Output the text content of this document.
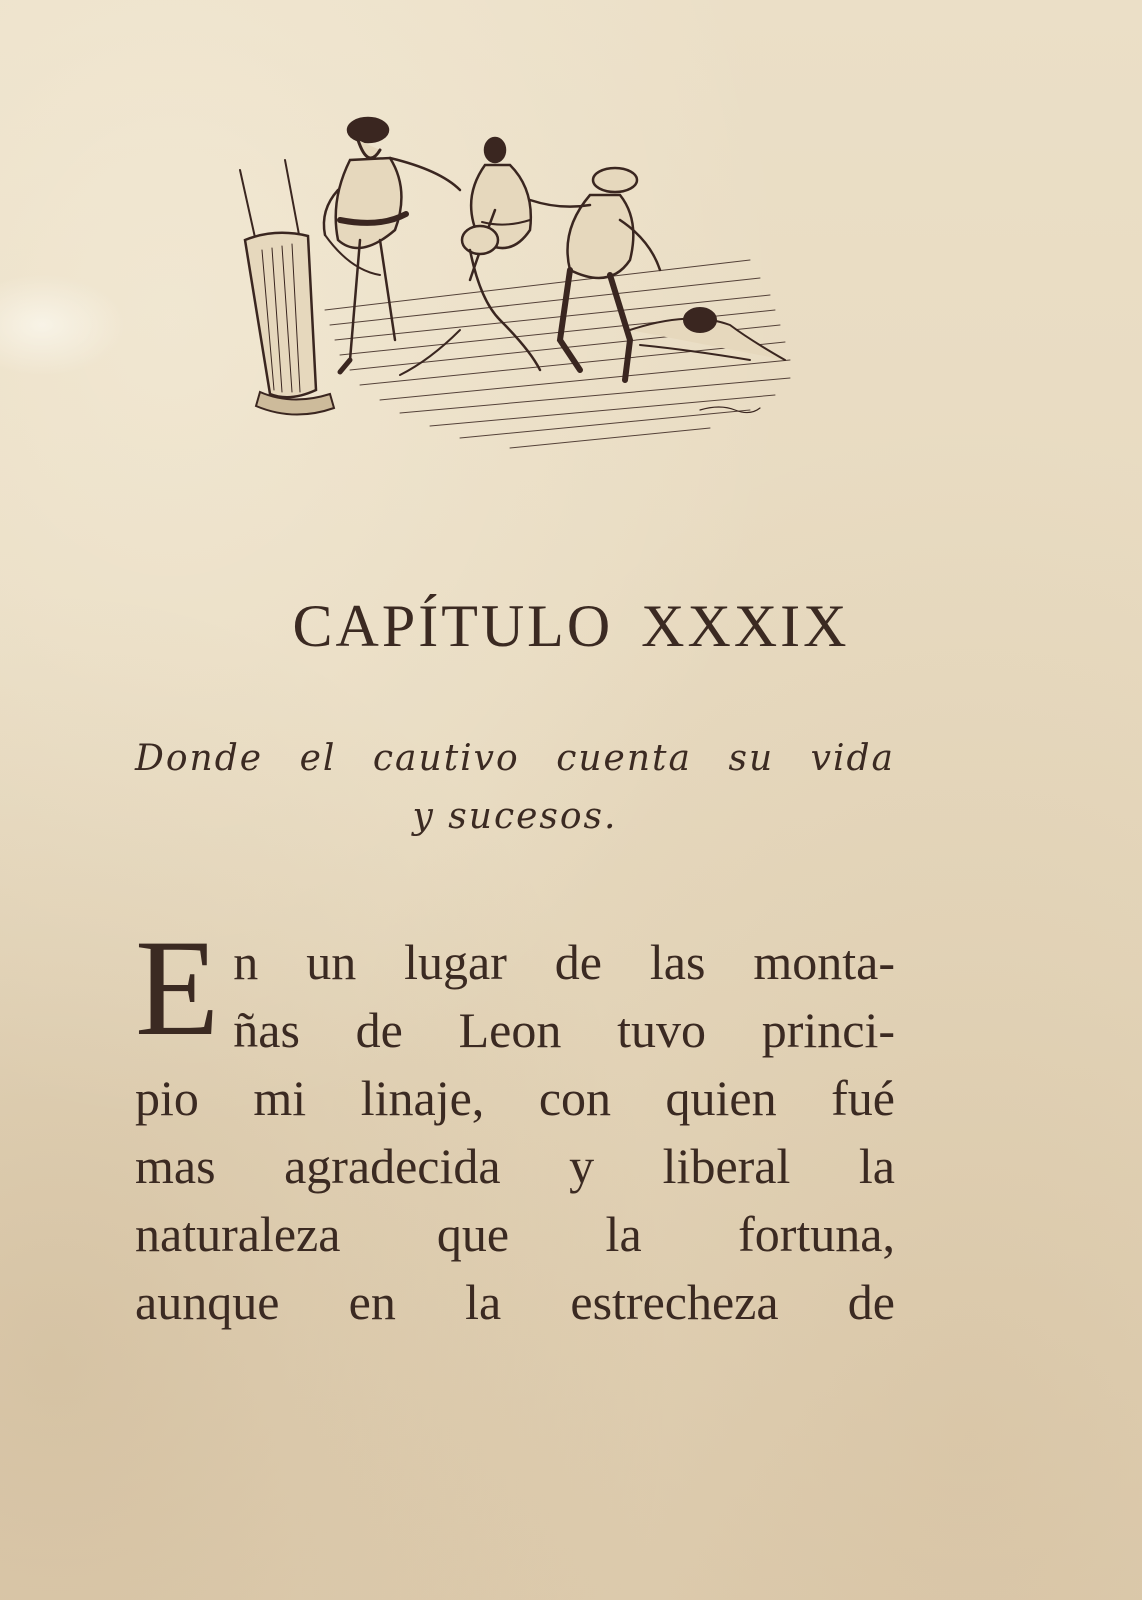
CAPÍTULO XXXIX
Donde el cautivo cuenta su vida
y sucesos.
E n un lugar de las monta-
ñas de Leon tuvo princi-
pio mi linaje, con quien fué
mas agradecida y liberal la
naturaleza que la fortuna,
aunque en la estrecheza de
